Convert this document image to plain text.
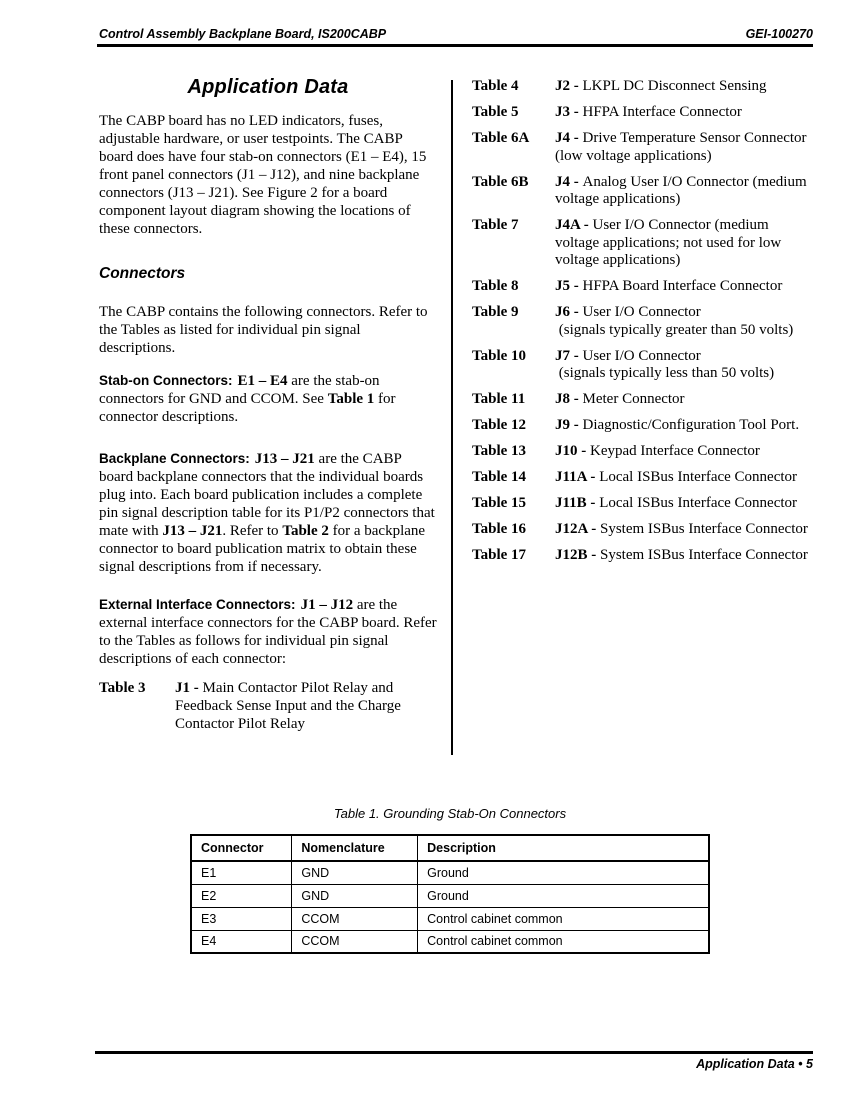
Control Assembly Backplane Board, IS200CABP	GEI-100270
Application Data

The CABP board has no LED indicators, fuses, adjustable hardware, or user testpoints. The CABP board does have four stab-on connectors (E1 – E4), 15 front panel connectors (J1 – J12), and nine backplane connectors (J13 – J21). See Figure 2 for a board component layout diagram showing the locations of these connectors.

Connectors

The CABP contains the following connectors. Refer to the Tables as listed for individual pin signal descriptions.

Stab-on Connectors: E1 – E4 are the stab-on connectors for GND and CCOM. See Table 1 for connector descriptions.

Backplane Connectors: J13 – J21 are the CABP board backplane connectors that the individual boards plug into. Each board publication includes a complete pin signal description table for its P1/P2 connectors that mate with J13 – J21. Refer to Table 2 for a backplane connector to board publication matrix to obtain these signal descriptions from if necessary.

External Interface Connectors: J1 – J12 are the external interface connectors for the CABP board. Refer to the Tables as follows for individual pin signal descriptions of each connector:

Table 3	J1 - Main Contactor Pilot Relay and Feedback Sense Input and the Charge Contactor Pilot Relay
Table 4	J2 - LKPL DC Disconnect Sensing
Table 5	J3 - HFPA Interface Connector
Table 6A	J4 - Drive Temperature Sensor Connector (low voltage applications)
Table 6B	J4 - Analog User I/O Connector (medium voltage applications)
Table 7	J4A - User I/O Connector (medium voltage applications; not used for low voltage applications)
Table 8	J5 - HFPA Board Interface Connector
Table 9	J6 - User I/O Connector
(signals typically greater than 50 volts)
Table 10	J7 - User I/O Connector
(signals typically less than 50 volts)
Table 11	J8 - Meter Connector
Table 12	J9 - Diagnostic/Configuration Tool Port.
Table 13	J10 - Keypad Interface Connector
Table 14	J11A - Local ISBus Interface Connector
Table 15	J11B - Local ISBus Interface Connector
Table 16	J12A - System ISBus Interface Connector
Table 17	J12B - System ISBus Interface Connector
Table 1. Grounding Stab-On Connectors
Connector	Nomenclature	Description
E1	GND	Ground
E2	GND	Ground
E3	CCOM	Control cabinet common
E4	CCOM	Control cabinet common
Application Data • 5
